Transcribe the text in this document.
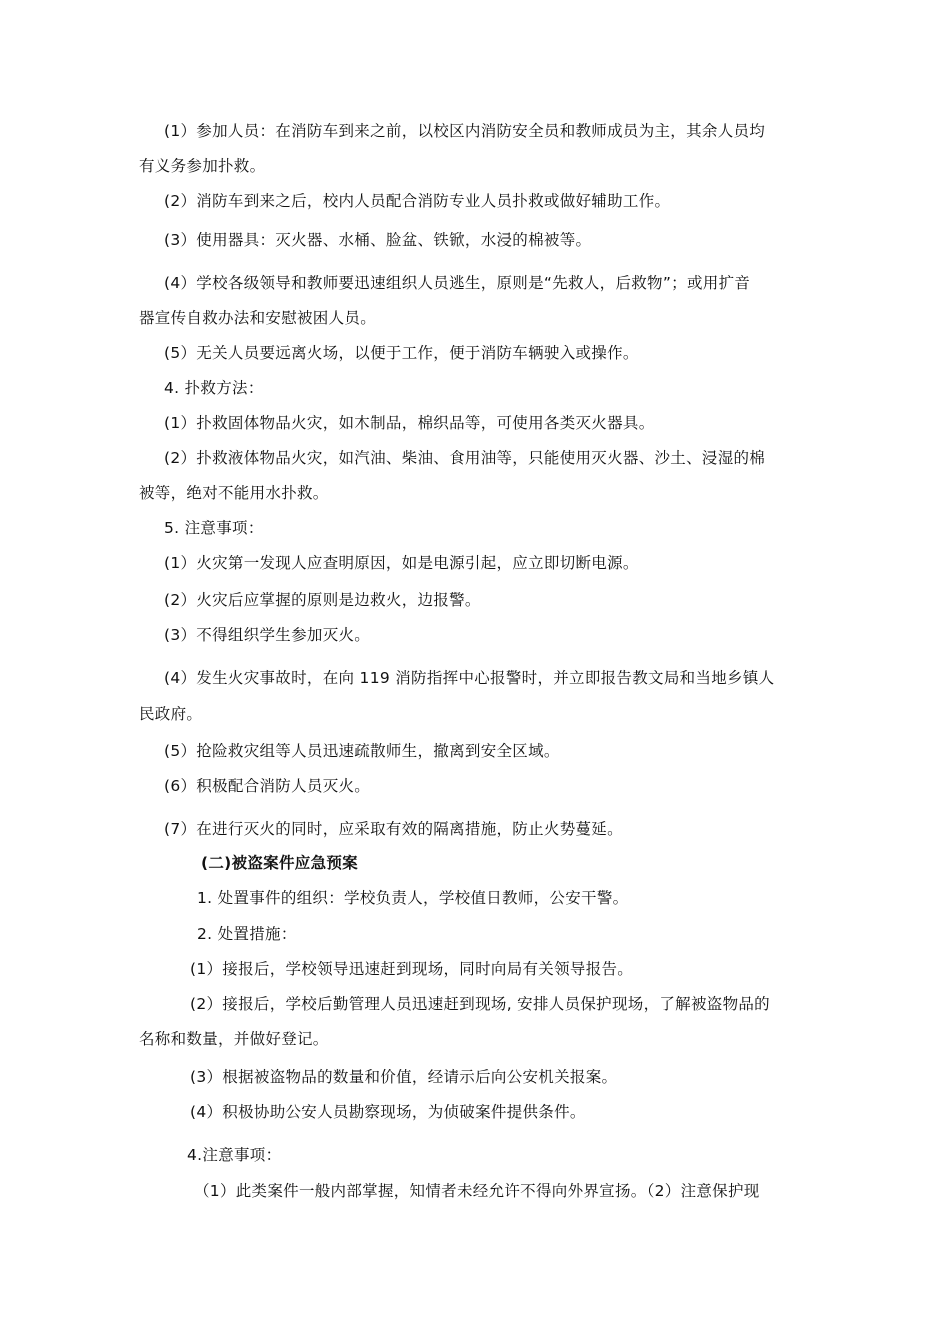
(1）参加人员：在消防车到来之前，以校区内消防安全员和教师成员为主，其余人员均
有义务参加扑救。
(2）消防车到来之后，校内人员配合消防专业人员扑救或做好辅助工作。
(3）使用器具：灭火器、水桶、脸盆、铁锨，水浸的棉被等。
(4）学校各级领导和教师要迅速组织人员逃生，原则是“先救人，后救物”；或用扩音
器宣传自救办法和安慰被困人员。
(5）无关人员要远离火场，以便于工作，便于消防车辆驶入或操作。
4. 扑救方法：
(1）扑救固体物品火灾，如木制品，棉织品等，可使用各类灭火器具。
(2）扑救液体物品火灾，如汽油、柴油、食用油等，只能使用灭火器、沙土、浸湿的棉
被等，绝对不能用水扑救。
5. 注意事项：
(1）火灾第一发现人应查明原因，如是电源引起，应立即切断电源。
(2）火灾后应掌握的原则是边救火，边报警。
(3）不得组织学生参加灭火。
(4）发生火灾事故时，在向 119 消防指挥中心报警时，并立即报告教文局和当地乡镇人
民政府。
(5）抢险救灾组等人员迅速疏散师生，撤离到安全区域。
(6）积极配合消防人员灭火。
(7）在进行灭火的同时，应采取有效的隔离措施，防止火势蔓延。
(二)被盗案件应急预案
1. 处置事件的组织：学校负责人，学校值日教师，公安干警。
2. 处置措施：
(1）接报后，学校领导迅速赶到现场，同时向局有关领导报告。
(2）接报后，学校后勤管理人员迅速赶到现场, 安排人员保护现场，了解被盗物品的
名称和数量，并做好登记。
(3）根据被盗物品的数量和价值，经请示后向公安机关报案。
(4）积极协助公安人员勘察现场，为侦破案件提供条件。
4.注意事项：
（1）此类案件一般内部掌握，知情者未经允许不得向外界宣扬。（2）注意保护现
